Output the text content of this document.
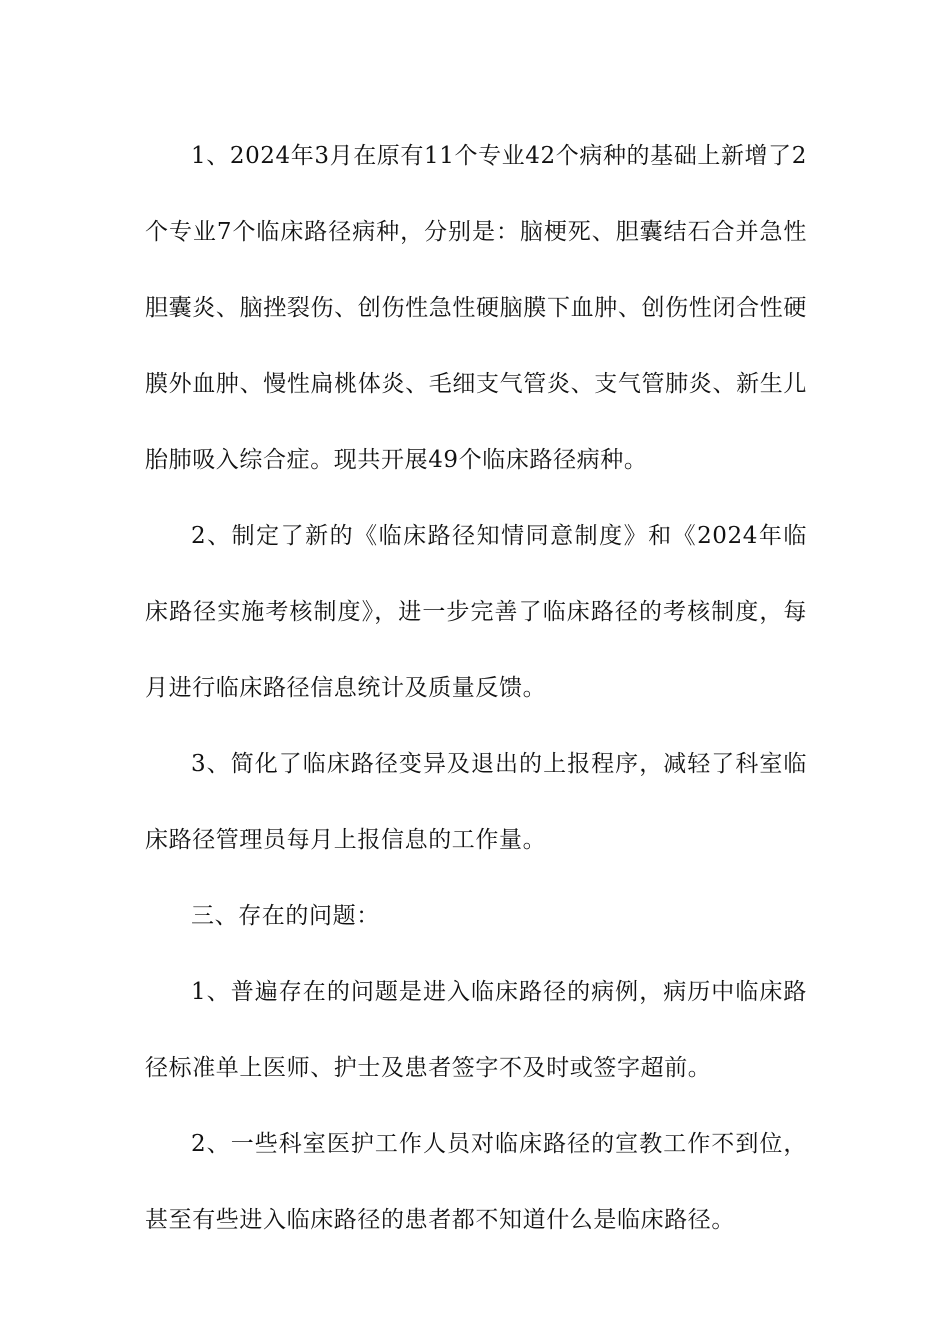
1、2024年3月在原有11个专业42个病种的基础上新增了2个专业7个临床路径病种，分别是：脑梗死、胆囊结石合并急性胆囊炎、脑挫裂伤、创伤性急性硬脑膜下血肿、创伤性闭合性硬膜外血肿、慢性扁桃体炎、毛细支气管炎、支气管肺炎、新生儿胎肺吸入综合症。现共开展49个临床路径病种。

2、制定了新的《临床路径知情同意制度》和《2024年临床路径实施考核制度》，进一步完善了临床路径的考核制度，每月进行临床路径信息统计及质量反馈。

3、简化了临床路径变异及退出的上报程序，减轻了科室临床路径管理员每月上报信息的工作量。

三、存在的问题：

1、普遍存在的问题是进入临床路径的病例，病历中临床路径标准单上医师、护士及患者签字不及时或签字超前。

2、一些科室医护工作人员对临床路径的宣教工作不到位，甚至有些进入临床路径的患者都不知道什么是临床路径。
